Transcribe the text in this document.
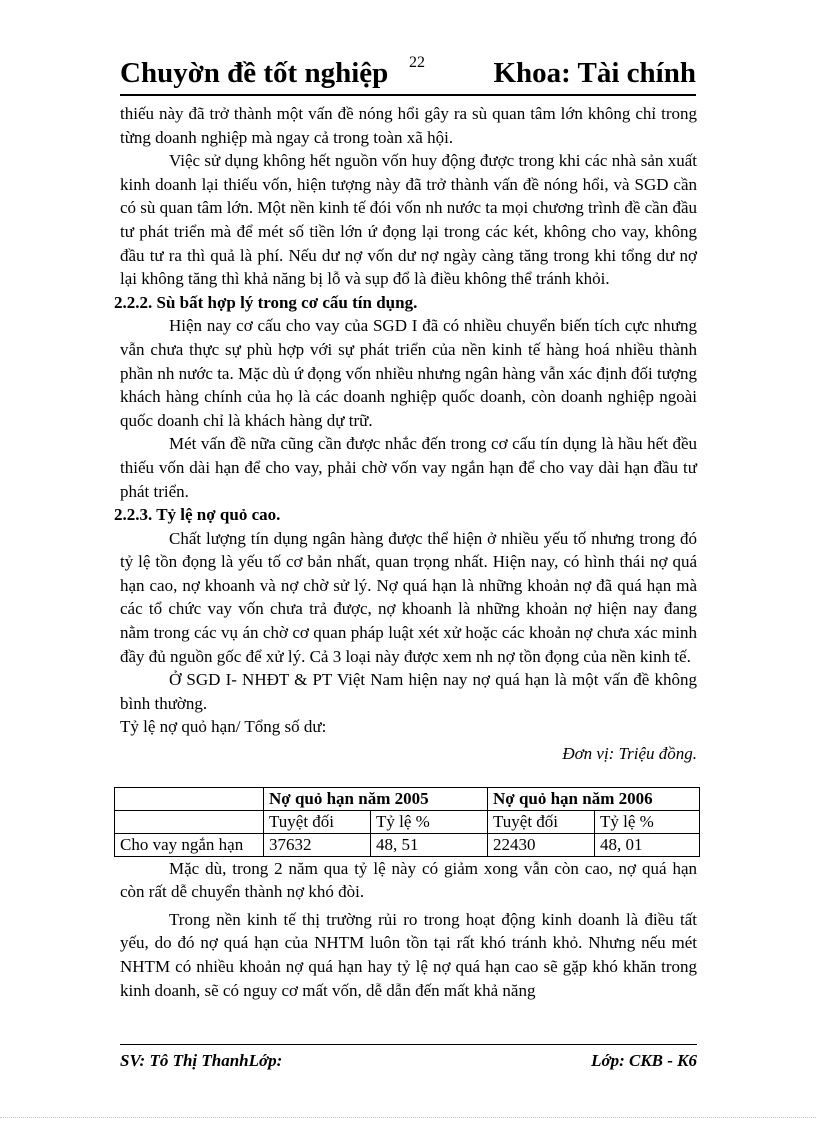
Chuyờn đề tốt nghiệp 22 Khoa: Tài chính

thiếu này đã trở thành một vấn đề nóng hổi gây ra sù quan tâm lớn không chỉ trong từng doanh nghiệp mà ngay cả trong toàn xã hội.

Việc sử dụng không hết nguồn vốn huy động được trong khi các nhà sản xuất kinh doanh lại thiếu vốn, hiện tượng này đã trở thành vấn đề nóng hổi, và SGD cần có sù quan tâm lớn. Một nền kinh tế đói vốn nh nước ta mọi chương trình đề cần đầu tư phát triển mà để mét số tiền lớn ứ đọng lại trong các két, không cho vay, không đầu tư ra thì quả là phí. Nếu dư nợ vốn dư nợ ngày càng tăng trong khi tổng dư nợ lại không tăng thì khả năng bị lỗ và sụp đổ là điều không thể tránh khỏi.

2.2.2. Sù bất hợp lý trong cơ cấu tín dụng.

Hiện nay cơ cấu cho vay của SGD I đã có nhiều chuyển biến tích cực nhưng vẫn chưa thực sự phù hợp với sự phát triển của nền kinh tế hàng hoá nhiều thành phần nh nước ta. Mặc dù ứ đọng vốn nhiều nhưng ngân hàng vẫn xác định đối tượng khách hàng chính của họ là các doanh nghiệp quốc doanh, còn doanh nghiệp ngoài quốc doanh chỉ là khách hàng dự trữ.

Mét vấn đề nữa cũng cần được nhắc đến trong cơ cấu tín dụng là hầu hết đều thiếu vốn dài hạn để cho vay, phải chờ vốn vay ngắn hạn để cho vay dài hạn đầu tư phát triển.

2.2.3. Tỷ lệ nợ quỏ cao.

Chất lượng tín dụng ngân hàng được thể hiện ở nhiều yếu tố nhưng trong đó tỷ lệ tồn đọng là yếu tố cơ bản nhất, quan trọng nhất. Hiện nay, có hình thái nợ quá hạn cao, nợ khoanh và nợ chờ sử lý. Nợ quá hạn là những khoản nợ đã quá hạn mà các tổ chức vay vốn chưa trả được, nợ khoanh là những khoản nợ hiện nay đang nằm trong các vụ án chờ cơ quan pháp luật xét xử hoặc các khoản nợ chưa xác minh đầy đủ nguồn gốc để xử lý. Cả 3 loại này được xem nh nợ tồn đọng của nền kinh tế.

Ở SGD I- NHĐT & PT Việt Nam hiện nay nợ quá hạn là một vấn đề không bình thường.

Tỷ lệ nợ quỏ hạn/ Tổng số dư:

Đơn vị: Triệu đồng.

	Nợ quỏ hạn năm 2005		Nợ quỏ hạn năm 2006	
	Tuyệt đối	Tỷ lệ %	Tuyệt đối	Tỷ lệ %
Cho vay ngắn hạn	37632	48, 51	22430	48, 01

Mặc dù, trong 2 năm qua tỷ lệ này có giảm xong vẫn còn cao, nợ quá hạn còn rất dễ chuyển thành nợ khó đòi.

Trong nền kinh tế thị trường rủi ro trong hoạt động kinh doanh là điều tất yếu, do đó nợ quá hạn của NHTM luôn tồn tại rất khó tránh khỏ. Nhưng nếu mét NHTM có nhiều khoản nợ quá hạn hay tỷ lệ nợ quá hạn cao sẽ gặp khó khăn trong kinh doanh, sẽ có nguy cơ mất vốn, dễ dẫn đến mất khả năng

SV: Tô Thị ThanhLớp:	Lớp: CKB - K6
